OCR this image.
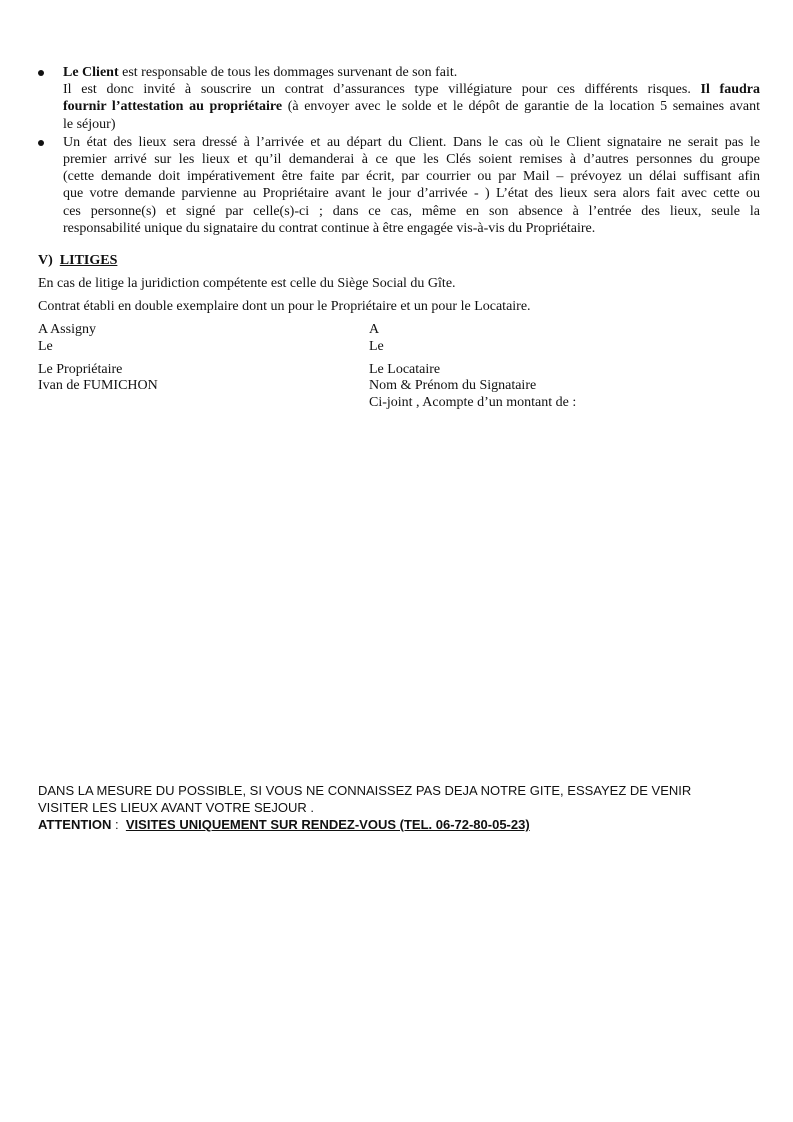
Le Client est responsable de tous les dommages survenant de son fait.
Il est donc invité à souscrire un contrat d’assurances type villégiature pour ces différents risques. Il faudra
fournir l’attestation au propriétaire (à envoyer avec le solde et le dépôt de garantie de la location 5 semaines avant
le séjour)
Un état des lieux sera dressé à l’arrivée et au départ du Client. Dans le cas où le Client signataire ne serait pas le
premier arrivé sur les lieux et qu’il demanderai à ce que les Clés soient remises à d’autres personnes du groupe
(cette demande doit impérativement être faite par écrit, par courrier ou par Mail – prévoyez un délai suffisant afin
que votre demande parvienne au Propriétaire avant le jour d’arrivée - ) L’état des lieux sera alors fait avec cette ou
ces personne(s) et signé par celle(s)-ci ; dans ce cas, même en son absence à l’entrée des lieux, seule la
responsabilité unique du signataire du contrat continue à être engagée vis-à-vis du Propriétaire.
V) LITIGES
En cas de litige la juridiction compétente est celle du Siège Social du Gîte.
Contrat établi en double exemplaire dont un pour le Propriétaire et un pour le Locataire.
A Assigny
Le
Le Propriétaire
Ivan de FUMICHON
A
Le
Le Locataire
Nom & Prénom du Signataire
Ci-joint , Acompte d’un montant de :
DANS LA MESURE DU POSSIBLE, SI VOUS NE CONNAISSEZ PAS DEJA NOTRE GITE, ESSAYEZ DE VENIR
VISITER LES LIEUX AVANT VOTRE SEJOUR .
ATTENTION :  VISITES UNIQUEMENT SUR RENDEZ-VOUS (TEL. 06-72-80-05-23)
